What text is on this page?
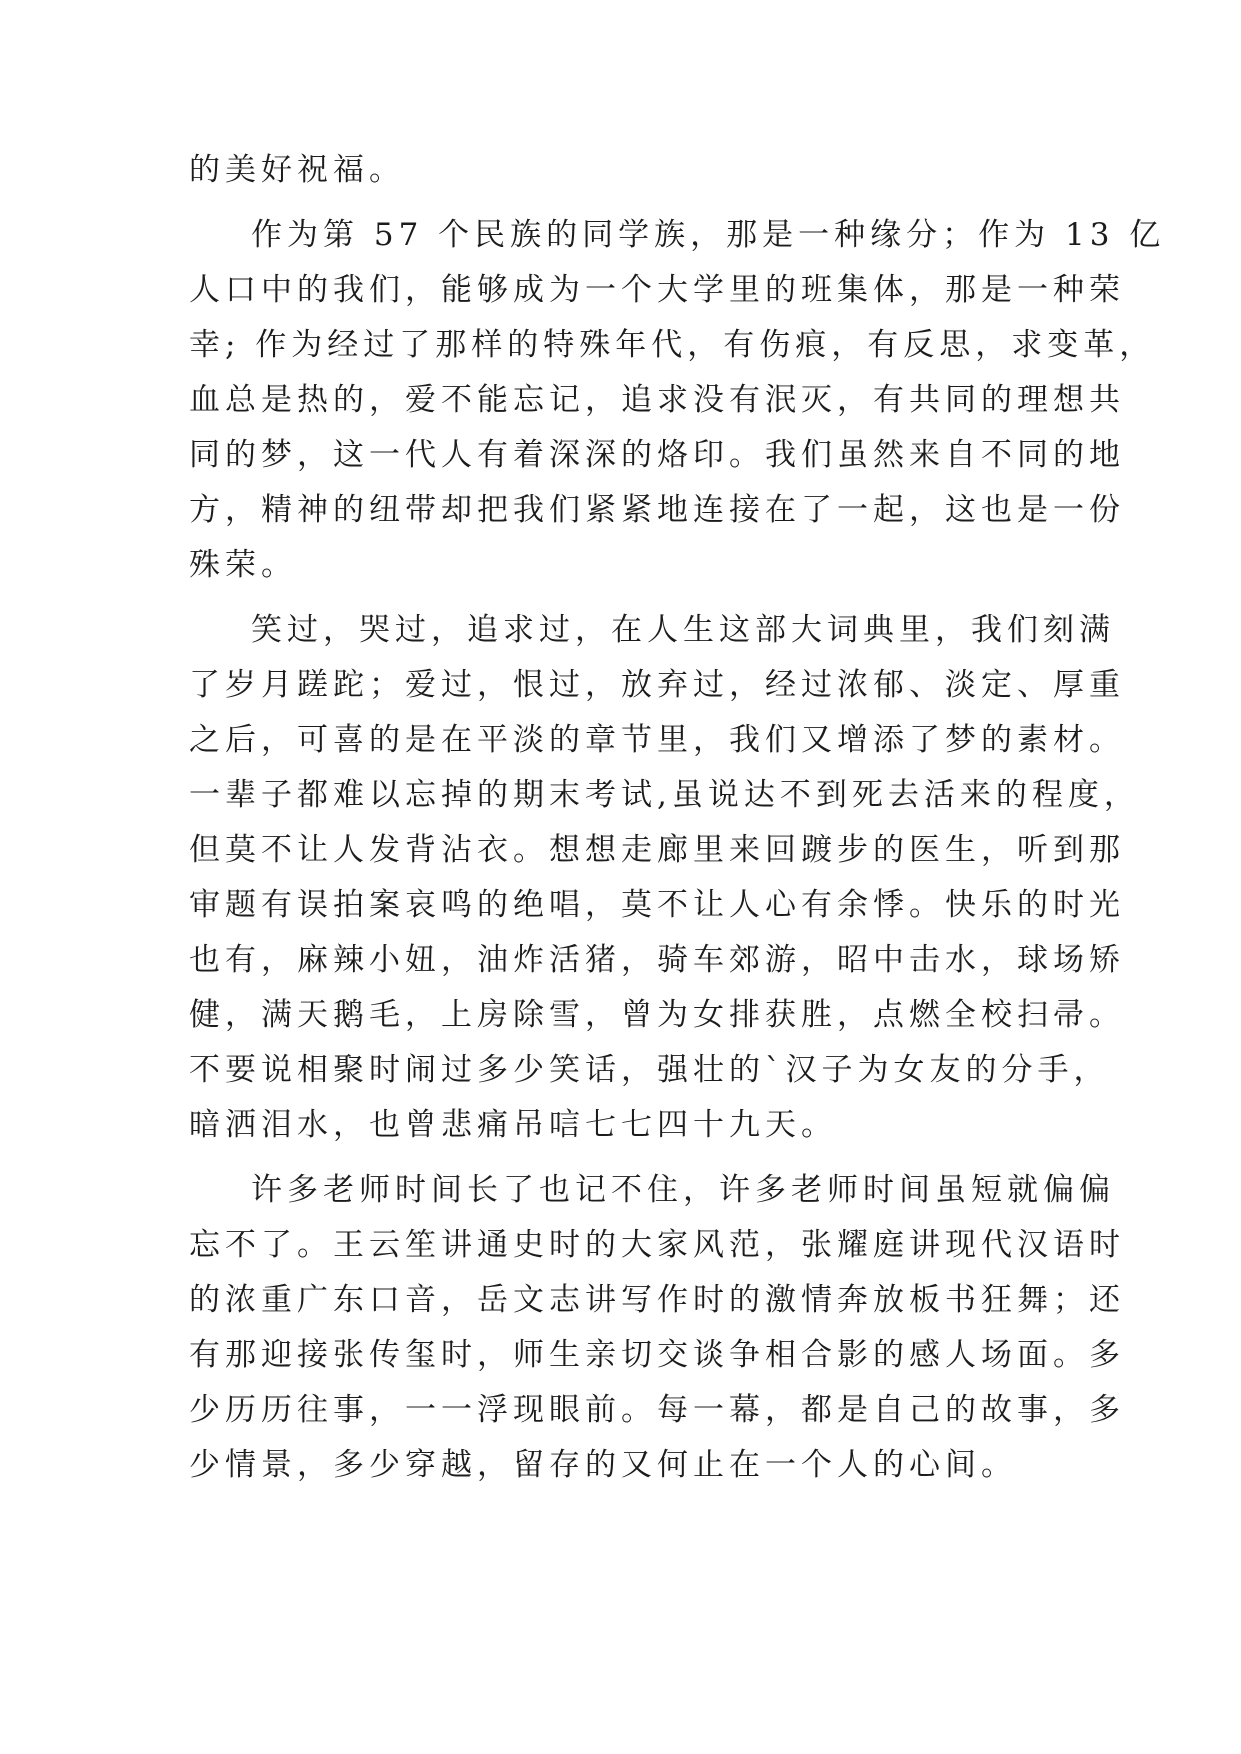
的美好祝福。
作为第 57 个民族的同学族，那是一种缘分；作为 13 亿
人口中的我们，能够成为一个大学里的班集体，那是一种荣
幸; 作为经过了那样的特殊年代，有伤痕，有反思，求变革，
血总是热的，爱不能忘记，追求没有泯灭，有共同的理想共
同的梦，这一代人有着深深的烙印。我们虽然来自不同的地
方，精神的纽带却把我们紧紧地连接在了一起，这也是一份
殊荣。
笑过，哭过，追求过，在人生这部大词典里，我们刻满
了岁月蹉跎；爱过，恨过，放弃过，经过浓郁、淡定、厚重
之后，可喜的是在平淡的章节里，我们又增添了梦的素材。
一辈子都难以忘掉的期末考试,虽说达不到死去活来的程度，
但莫不让人发背沾衣。想想走廊里来回踱步的医生，听到那
审题有误拍案哀鸣的绝唱，莫不让人心有余悸。快乐的时光
也有，麻辣小妞，油炸活猪，骑车郊游，昭中击水，球场矫
健，满天鹅毛，上房除雪，曾为女排获胜，点燃全校扫帚。
不要说相聚时闹过多少笑话，强壮的`汉子为女友的分手，
暗洒泪水，也曾悲痛吊唁七七四十九天。
许多老师时间长了也记不住，许多老师时间虽短就偏偏
忘不了。王云笙讲通史时的大家风范，张耀庭讲现代汉语时
的浓重广东口音，岳文志讲写作时的激情奔放板书狂舞；还
有那迎接张传玺时，师生亲切交谈争相合影的感人场面。多
少历历往事，一一浮现眼前。每一幕，都是自己的故事，多
少情景，多少穿越，留存的又何止在一个人的心间。
